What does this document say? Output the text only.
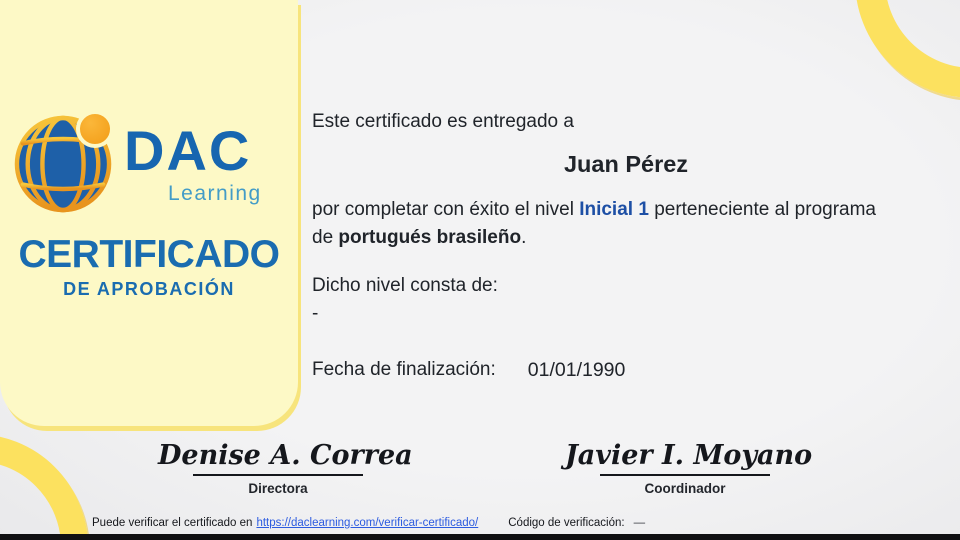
DAC
Learning
CERTIFICADO
DE APROBACIÓN
Este certificado es entregado a
Juan Pérez
por completar con éxito el nivel Inicial 1 perteneciente al programa de portugués brasileño.
Dicho nivel consta de:
-
Fecha de finalización: 01/01/1990
Denise A. Correa
Directora
Javier I. Moyano
Coordinador
Puede verificar el certificado en https://daclearning.com/verificar-certificado/	Código de verificación: —
